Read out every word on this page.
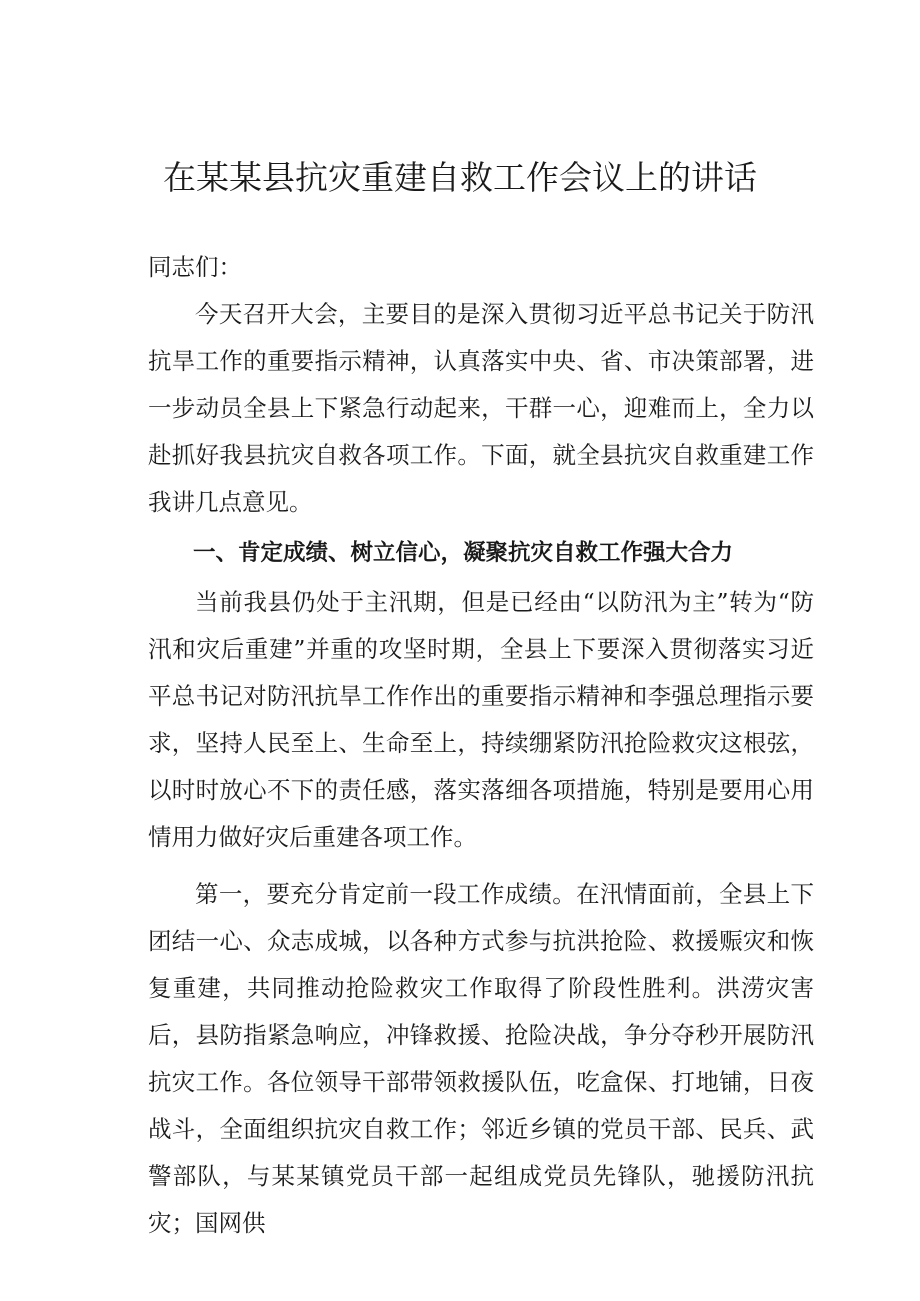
在某某县抗灾重建自救工作会议上的讲话

同志们：

今天召开大会，主要目的是深入贯彻习近平总书记关于防汛抗旱工作的重要指示精神，认真落实中央、省、市决策部署，进一步动员全县上下紧急行动起来，干群一心，迎难而上，全力以赴抓好我县抗灾自救各项工作。下面，就全县抗灾自救重建工作我讲几点意见。

一、肯定成绩、树立信心，凝聚抗灾自救工作强大合力

当前我县仍处于主汛期，但是已经由“以防汛为主”转为“防汛和灾后重建”并重的攻坚时期，全县上下要深入贯彻落实习近平总书记对防汛抗旱工作作出的重要指示精神和李强总理指示要求，坚持人民至上、生命至上，持续绷紧防汛抢险救灾这根弦，以时时放心不下的责任感，落实落细各项措施，特别是要用心用情用力做好灾后重建各项工作。

第一，要充分肯定前一段工作成绩。在汛情面前，全县上下团结一心、众志成城，以各种方式参与抗洪抢险、救援赈灾和恢复重建，共同推动抢险救灾工作取得了阶段性胜利。洪涝灾害后，县防指紧急响应，冲锋救援、抢险决战，争分夺秒开展防汛抗灾工作。各位领导干部带领救援队伍，吃盒保、打地铺，日夜战斗，全面组织抗灾自救工作；邻近乡镇的党员干部、民兵、武警部队，与某某镇党员干部一起组成党员先锋队，驰援防汛抗灾；国网供
